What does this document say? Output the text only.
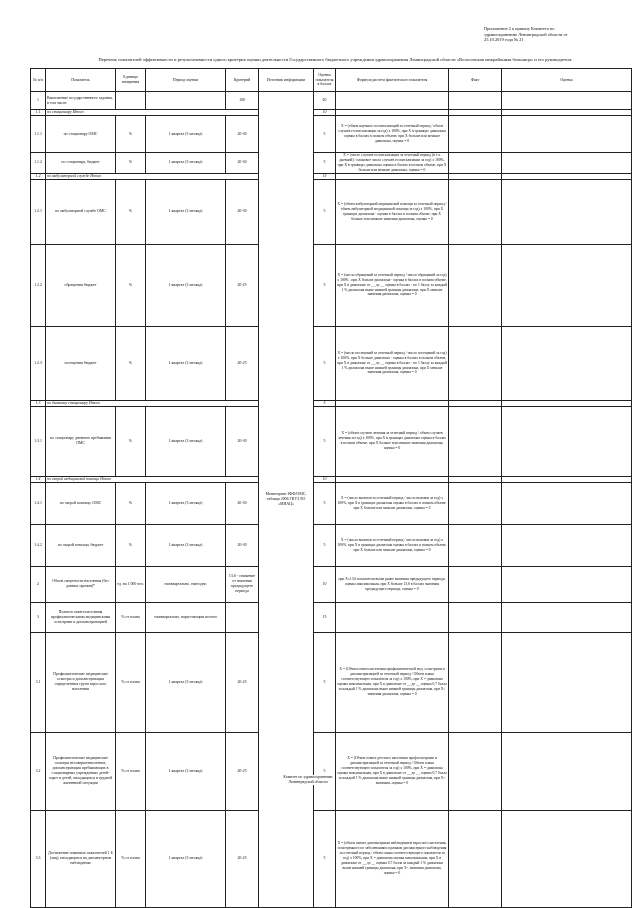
Приложение 2 к приказу Комитета по
здравоохранению Ленинградской области от
25.10.2019 года № 21
Перечень показателей эффективности и результативности одного критерия оценки деятельности Государственного бюджетного учреждения здравоохранения Ленинградской области «Волосовская межрайонная больница» и его руководителя
№ п/п	Показатель	Единица измерения	Период оценки	Критерий	Источник информации	Оценка показателя в баллах	Формула расчета фактического показателя	Факт	Оценка
1	Выполнение государственного задания, в том числе:			100	Мониторинг ЗФФ/ОМС, таблица 2006 ГКУЗ ЛО «МИАЦ»	40			
1.1	по стационару Итого					10			
1.1.1	по стационару ОМС	%	1 квартал (3 месяца)	20-30		5	X = (объем научных госпитализаций за отчетный период / объем случаев госпитализации за год) x 100%, при X в границах диапазона оценка в баллах в полном объеме, при X больше или меньше диапазона, оценка = 0		
1.1.2	по стационару, бюджет	%	1 квартал (3 месяца)	20-30		5	X = (число случаев госпитализации за отчетный период (в т.ч. дневной) / плановое число случаев госпитализации за год) x 100%, при X в границах диапазона оценка в баллах в полном объеме, при X больше или меньше диапазона, оценка = 0		
1.2	по амбулаторной службе Итого					15			
1.2.1	по амбулаторной службе ОМС	%	1 квартал (3 месяца)	20-30		5	X = (объем амбулаторной медицинской помощи за отчетный период / объем амбулаторной медицинской помощи за год) x 100%, при X границах диапазона - оценка в баллах в полном объеме, при X больше или меньше значения диапазона, оценка = 0		
1.2.2	обращения бюджет	%	1 квартал (3 месяца)	20-25		5	X = (число обращений за отчетный период / число обращений за год) x 100% , при X больше диапазона - оценка в баллах в полном объеме, при X в диапазоне от __ до __ оценка в баллах - по 1 баллу за каждый 1 % диапазона выше нижней границы диапазона, при X меньше значения диапазона, оценка = 0		
1.2.3	посещения бюджет	%	1 квартал (3 месяца)	20-25		5	X = (число посещений за отчетный период / число посещений за год) x 100%, при X больше диапазона - оценка в баллах в полном объеме, при X в диапазоне от __ до __ оценка в баллах - по 1 баллу за каждый 1 % диапазона выше нижней границы диапазона, при X меньше значения диапазона, оценка = 0		
1.3	по дневному стационару Итого					5			
1.3.1	по стационару дневного пребывания ОМС	%	1 квартал (3 месяца)	20-30		5	X = (объем случаев лечения за отчетный период / объем случаев лечения за год) x 100%, при X в границах диапазона оценка в баллах в полном объеме, при X больше или меньше значения диапазона, оценка = 0		
1.4	по скорой медицинской помощи Итого					10			
1.4.1	по скорой помощи, ОМС	%	1 квартал (3 месяца)	20-30		5	X = (число вызовов за отчетный период / число вызовов за год) x 100%, при X в границах диапазона оценка в баллах в полном объеме, при X больше или меньше диапазона, оценка = 0		
1.4.2	по скорой помощи, бюджет	%	1 квартал (3 месяца)	20-30		5	X = (число вызовов за отчетный период / число вызовов за год) x 100%, при X в границах диапазона оценка в баллах в полном объеме, при X больше или меньше диапазона, оценка = 0		
2	Объем смертности населения (без данных причин)*	ед. на 1 000 чел.	ежеквартально, ежегодно	13,6 - снижение от значения предыдущего периода		10	при X≤13,6 показатели выше ранее значения предыдущего периода, оценка максимальная, при X больше 13,6 в баллах значения предыдущего периода, оценка = 0		
3	Полнота охвата населения профилактическими медицинскими осмотрами и диспансеризацией	% от плана	ежеквартально, нарастающим итогом			15			
3.1	Профилактические медицинские осмотры и диспансеризация определенных групп взрослого населения	% от плана	1 квартал (3 месяца)	20-25		5	X = (Объем охвата населения профилактической мед. осмотрами и диспансеризацией за отчетный период / Объем плана соответствующего показателя за год) x 100%, при X = диапазона оценка максимальная, при X в диапазоне от __ до __ оценка 0,7 балла за каждый 1 % диапазона выше нижней границы диапазона, при X< значения диапазона, оценка = 0		
3.2	Профилактические медицинские осмотры несовершеннолетних, диспансеризация пребывающих в стационарных учреждениях детей-сирот и детей, находящихся в трудной жизненной ситуации	% от плана	1 квартал (3 месяца)	20-25		5	X = (Объем охвата детского населения профосмотрами и диспансеризацией за отчетный период / Объем плана соответствующего показателя за год) x 100%, при X = диапазона оценка максимальная, при X в диапазоне от __ до __ оценка 0,7 балла за каждый 1 % диапазона выше нижней границы диапазона, при X< значения, оценка = 0		
3.3	Достижение плановых показателей 1 Б (лиц), находящихся на диспансерном наблюдении	% от плана	1 квартал (3 месяца)	20-25		5	X = (объем охвата диспансерным наблюдением взрослого населения, осмотренного по заболеваниям и разным диспансерного наблюдения за отчетный период / объем плана соответствующего показателя за год) x 100%, при X = диапазона оценка максимальная, при X в диапазоне от __ до __ оценка 0,7 балла за каждый 1 % диапазона выше нижней границы диапазона, при X< значения диапазона, оценка = 0		
Комитет по здравоохранению Ленинградской области
